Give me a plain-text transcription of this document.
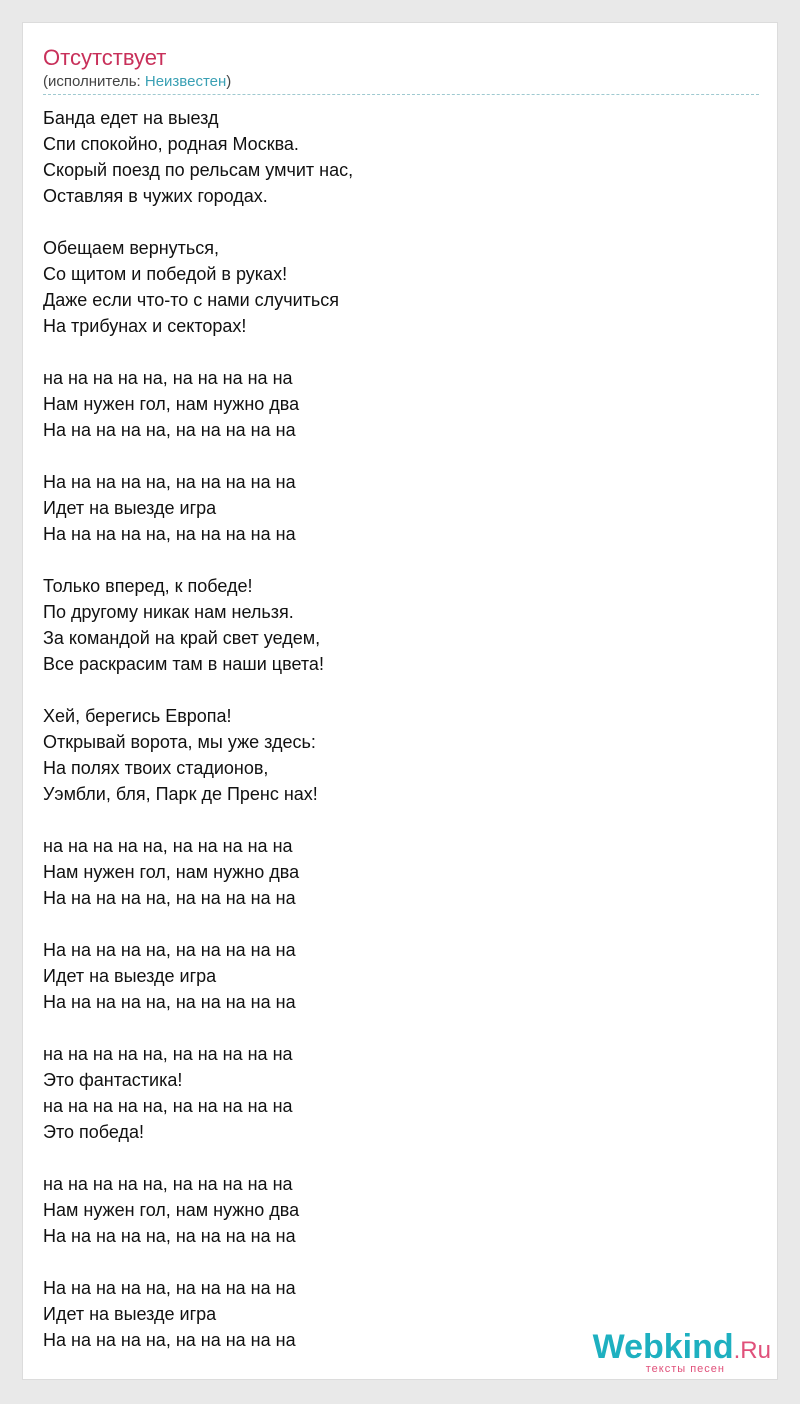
Отсутствует
(исполнитель: Неизвестен)
Банда едет на выезд
Спи спокойно, родная Москва.
Скорый поезд по рельсам умчит нас,
Оставляя в чужих городах.
Обещаем вернуться,
Со щитом и победой в руках!
Даже если что-то с нами случиться
На трибунах и секторах!
на на на на на, на на на на на
Нам нужен гол, нам нужно два
На на на на на, на на на на на
На на на на на, на на на на на
Идет на выезде игра
На на на на на, на на на на на
Только вперед, к победе!
По другому никак нам нельзя.
За командой на край свет уедем,
Все раскрасим там в наши цвета!
Хей, берегись Европа!
Открывай ворота, мы уже здесь:
На полях твоих стадионов,
Уэмбли, бля, Парк де Пренс нах!
на на на на на, на на на на на
Нам нужен гол, нам нужно два
На на на на на, на на на на на
На на на на на, на на на на на
Идет на выезде игра
На на на на на, на на на на на
на на на на на, на на на на на
Это фантастика!
на на на на на, на на на на на
Это победа!
на на на на на, на на на на на
Нам нужен гол, нам нужно два
На на на на на, на на на на на
На на на на на, на на на на на
Идет на выезде игра
На на на на на, на на на на на	Webkind.Ru
тексты песен
